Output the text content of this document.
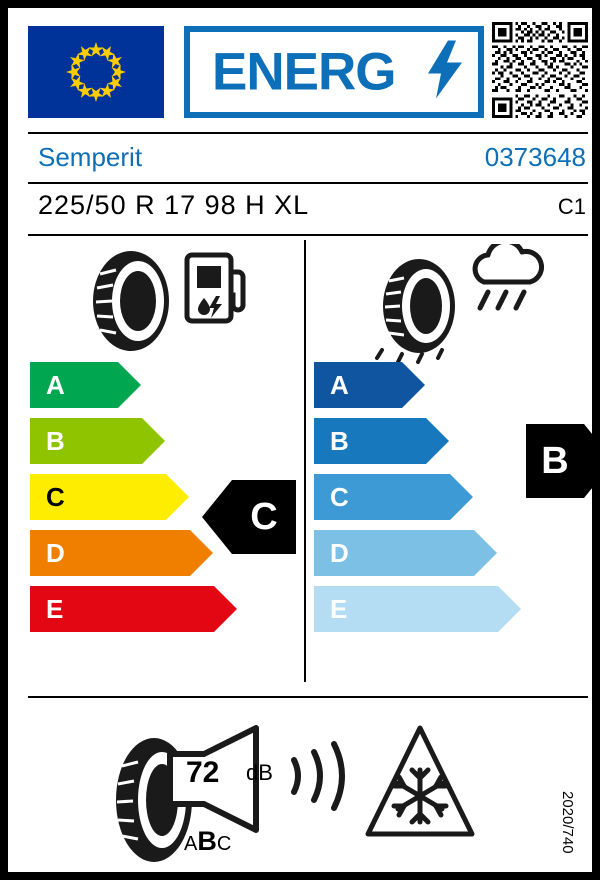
ENERG
Semperit	0373648
225/50 R 17 98 H XL	C1
A
B
C
D
E
C
A
B
C
D
E
B
72 dB
ABC	2020/740
